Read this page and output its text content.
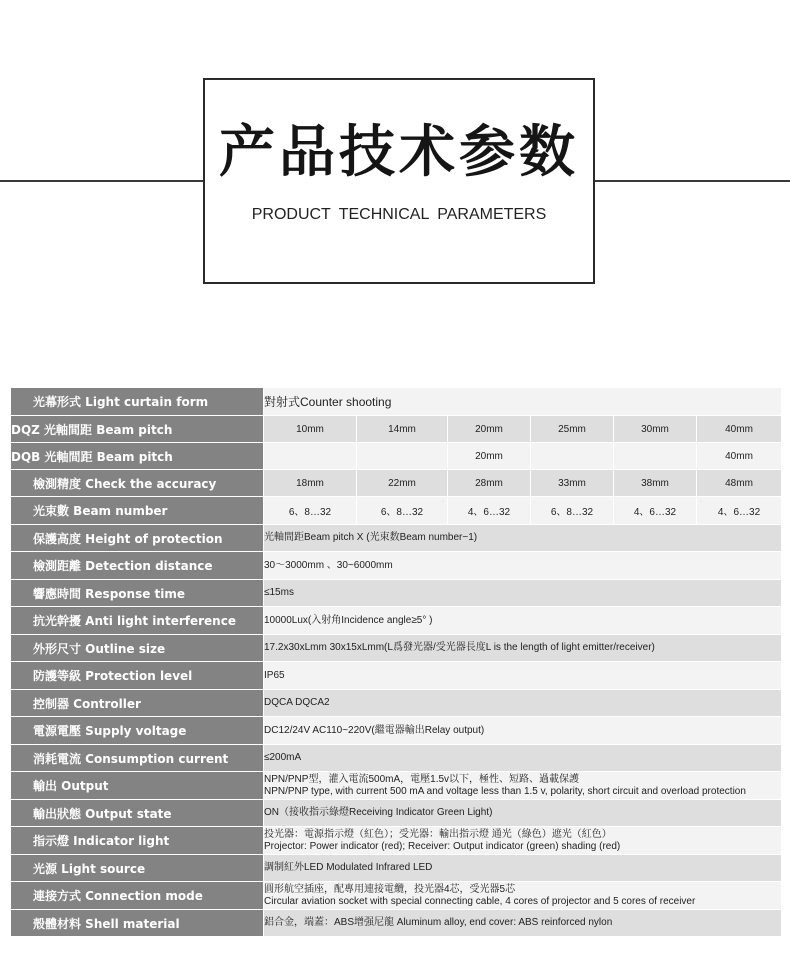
产品技术参数
PRODUCT TECHNICAL PARAMETERS
光幕形式 Light curtain form	對射式Counter shooting					
DQZ 光軸間距 Beam pitch	10mm	14mm	20mm	25mm	30mm	40mm
DQB 光軸間距 Beam pitch			20mm			40mm
檢測精度 Check the accuracy	18mm	22mm	28mm	33mm	38mm	48mm
光束數 Beam number	6、8…32	6、8…32	4、6…32	6、8…32	4、6…32	4、6…32
保護高度 Height of protection	光軸間距Beam pitch X (光束数Beam number−1)					
檢測距離 Detection distance	30～3000mm 、30~6000mm					
響應時間 Response time	≤15ms					
抗光幹擾 Anti light interference	10000Lux(入射角Incidence angle≥5° )					
外形尺寸 Outline size	17.2x30xLmm 30x15xLmm(L爲發光器/受光器長度L is the length of light emitter/receiver)					
防護等級 Protection level	IP65					
控制器 Controller	DQCA DQCA2					
電源電壓 Supply voltage	DC12/24V AC110~220V(繼電器輸出Relay output)					
消耗電流 Consumption current	≤200mA					
輸出 Output	NPN/PNP型，灌入電流500mA，電壓1.5v以下，極性、短路、過載保護
NPN/PNP type, with current 500 mA and voltage less than 1.5 v, polarity, short circuit and overload protection					

輸出狀態 Output state	ON（接收指示綠燈Receiving Indicator Green Light)					
指示燈 Indicator light	投光器：電源指示燈（紅色）；受光器：輸出指示燈 通光（綠色）遮光（紅色）
Projector: Power indicator (red); Receiver: Output indicator (green) shading (red)					

光源 Light source	調制紅外LED Modulated Infrared LED					
連接方式 Connection mode	圓形航空插座，配專用連接電纜，投光器4芯，受光器5芯
Circular aviation socket with special connecting cable, 4 cores of projector and 5 cores of receiver					

殼體材料 Shell material	鋁合金，端蓋：ABS增强尼龍 Aluminum alloy, end cover: ABS reinforced nylon					
